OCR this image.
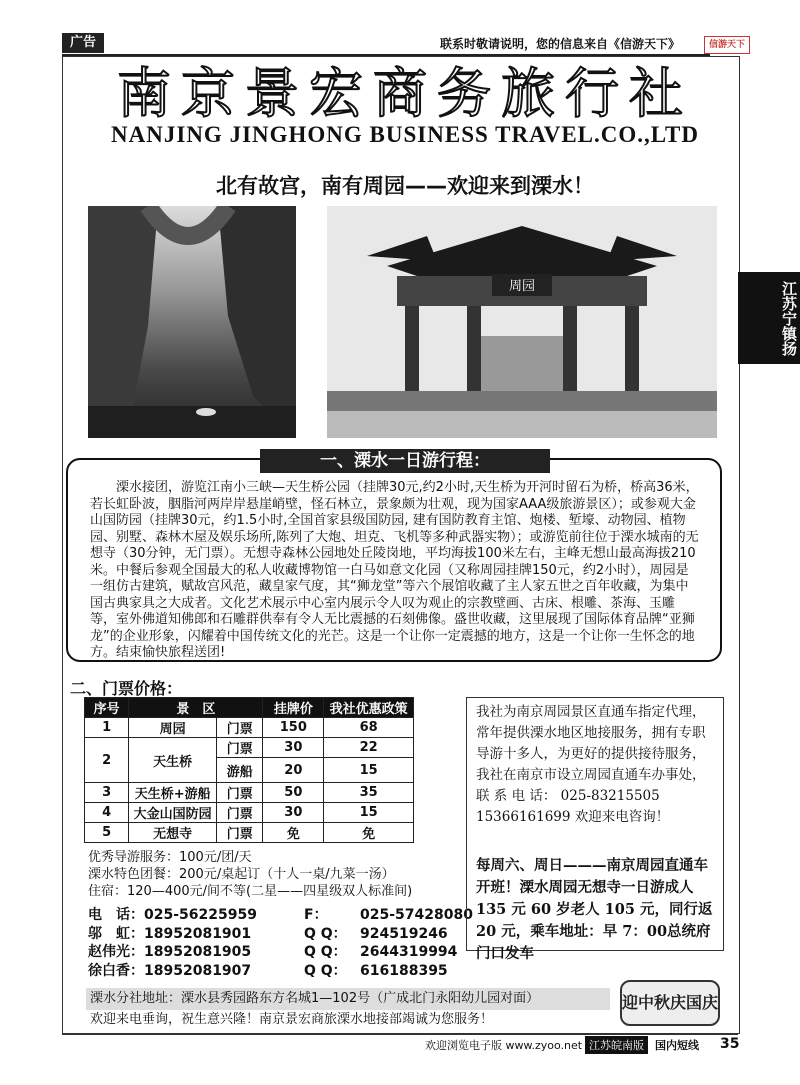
广告	联系时敬请说明，您的信息来自《信游天下》	信游天下
南京景宏商务旅行社
NANJING JINGHONG BUSINESS TRAVEL.CO.,LTD
北有故宫，南有周园——欢迎来到溧水！
周园	江苏宁镇扬
一、溧水一日游行程：
溧水接团，游览江南小三峡—天生桥公园（挂牌30元,约2小时,天生桥为开河时留石为桥，桥高36米，若长虹卧波，胭脂河两岸岸悬崖峭壁，怪石林立，景象颇为壮观，现为国家AAA级旅游景区）；或参观大金山国防园（挂牌30元，约1.5小时,全国首家县级国防园, 建有国防教育主馆、炮楼、堑壕、动物园、植物园、别墅、森林木屋及娱乐场所,陈列了大炮、坦克、飞机等多种武器实物）；或游览前往位于溧水城南的无想寺（30分钟，无门票）。无想寺森林公园地处丘陵岗地，平均海拔100米左右，主峰无想山最高海拔210米。中餐后参观全国最大的私人收藏博物馆一白马如意文化园（又称周园挂牌150元，约2小时），周园是一组仿古建筑，赋故宫风范，藏皇家气度，其“狮龙堂”等六个展馆收藏了主人家五世之百年收藏，为集中国古典家具之大成者。文化艺术展示中心室内展示令人叹为观止的宗教壁画、古床、根雕、茶海、玉雕等，室外佛道知佛郎和石雕群供奉有令人无比震撼的石刻佛像。盛世收藏，这里展现了国际体育品牌“亚狮龙”的企业形象，闪耀着中国传统文化的光芒。这是一个让你一定震撼的地方，这是一个让你一生怀念的地方。结束愉快旅程送团!
二、门票价格：
序号	景　区		挂牌价	我社优惠政策
1	周园	门票	150	68
2	天生桥	门票	30	22
		游船	20	15
3	天生桥+游船	门票	50	35
4	大金山国防园	门票	30	15
5	无想寺	门票	免	免
优秀导游服务：100元/团/天
溧水特色团餐：200元/桌起订（十人一桌/九菜一汤）
住宿：120—400元/间不等(二星——四星级双人标准间)
电　话： 025-56225959	F：	025-57428080
邬　虹： 18952081901	Q Q： 924519246
赵伟光： 18952081905	Q Q： 2644319994
徐白香： 18952081907	Q Q： 616188395
我社为南京周园景区直通车指定代理，常年提供溧水地区地接服务，拥有专职导游十多人，为更好的提供接待服务，我社在南京市设立周园直通车办事处，
联 系 电 话： 025-83215505
15366161699 欢迎来电咨询！
每周六、周日———南京周园直通车开班！溧水周园无想寺一日游成人 135 元 60 岁老人 105 元，同行返 20 元，乘车地址：早 7：00总统府门口发车
溧水分社地址：溧水县秀园路东方名城1—102号（广成北门永阳幼儿园对面）
欢迎来电垂询，祝生意兴隆！南京景宏商旅溧水地接部竭诚为您服务！
迎中秋庆国庆
欢迎浏览电子版 www.zyoo.net 江苏皖南版	国内短线 35
